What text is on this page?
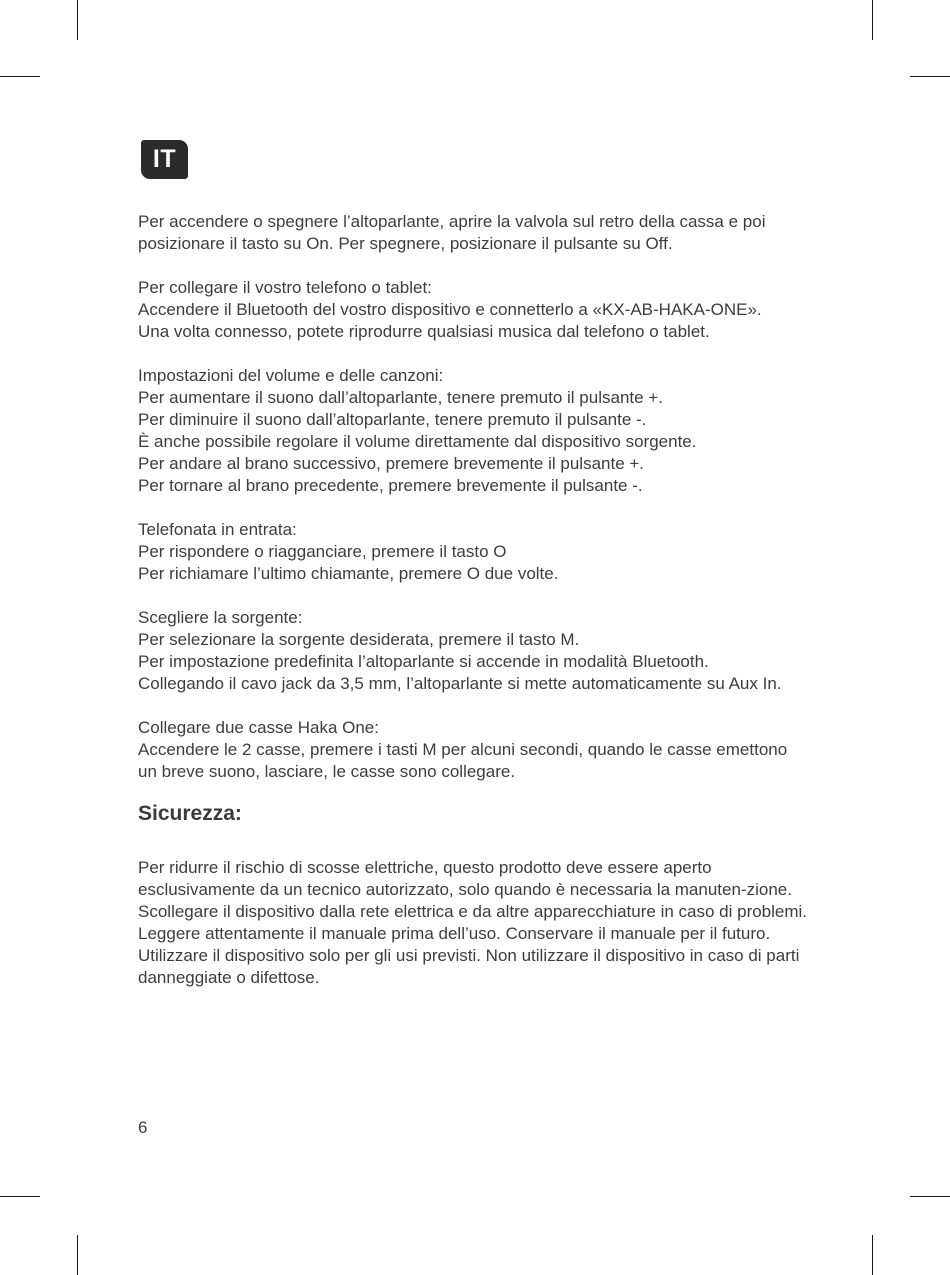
IT
Per accendere o spegnere l’altoparlante, aprire la valvola sul retro della cassa e poi posizionare il tasto su On. Per spegnere, posizionare il pulsante su Off.
Per collegare il vostro telefono o tablet:
Accendere il Bluetooth del vostro dispositivo e connetterlo a «KX-AB-HAKA-ONE».
Una volta connesso, potete riprodurre qualsiasi musica dal telefono o tablet.
Impostazioni del volume e delle canzoni:
Per aumentare il suono dall’altoparlante, tenere premuto il pulsante +.
Per diminuire il suono dall’altoparlante, tenere premuto il pulsante -.
È anche possibile regolare il volume direttamente dal dispositivo sorgente.
Per andare al brano successivo, premere brevemente il pulsante +.
Per tornare al brano precedente, premere brevemente il pulsante -.
Telefonata in entrata:
Per rispondere o riagganciare, premere il tasto O
Per richiamare l’ultimo chiamante, premere O due volte.
Scegliere la sorgente:
Per selezionare la sorgente desiderata, premere il tasto M.
Per impostazione predefinita l’altoparlante si accende in modalità Bluetooth.
Collegando il cavo jack da 3,5 mm, l’altoparlante si mette automaticamente su Aux In.
Collegare due casse Haka One:
Accendere le 2 casse, premere i tasti M per alcuni secondi, quando le casse emettono un breve suono, lasciare, le casse sono collegare.
Sicurezza:
Per ridurre il rischio di scosse elettriche, questo prodotto deve essere aperto esclusivamente da un tecnico autorizzato, solo quando è necessaria la manuten-zione.
Scollegare il dispositivo dalla rete elettrica e da altre apparecchiature in caso di problemi.
Leggere attentamente il manuale prima dell’uso. Conservare il manuale per il futuro.
Utilizzare il dispositivo solo per gli usi previsti. Non utilizzare il dispositivo in caso di parti danneggiate o difettose.
6
